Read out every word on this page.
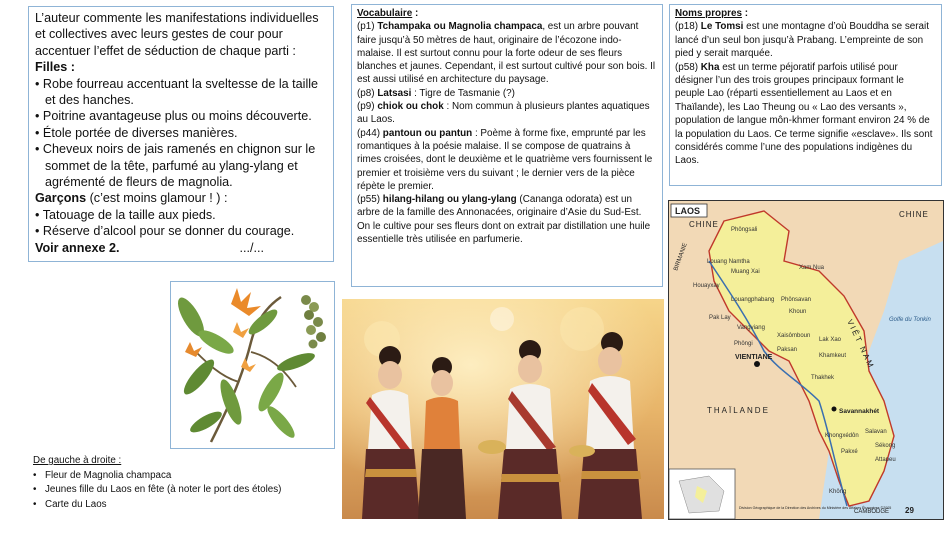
L’auteur commente les manifestations individuelles et collectives avec leurs gestes de cour pour accentuer l’effet de séduction de chaque parti :

Filles :

• Robe fourreau accentuant la sveltesse de la taille et des hanches.
• Poitrine avantageuse plus ou moins découverte.
• Étole portée de diverses manières.
• Cheveux noirs de jais ramenés en chignon sur le sommet de la tête, parfumé au ylang-ylang et agrémenté de fleurs de magnolia.

Garçons (c’est moins glamour ! ) :

• Tatouage de la taille aux pieds.
• Réserve d’alcool pour se donner du courage.

Voir annexe 2.	.../...

Vocabulaire :

(p1) Tchampaka ou Magnolia champaca, est un arbre pouvant faire jusqu’à 50 mètres de haut, originaire de l’écozone indo-malaise. Il est surtout connu pour la forte odeur de ses fleurs blanches et jaunes. Cependant, il est surtout cultivé pour son bois. Il est aussi utilisé en architecture du paysage.

(p8) Latsasi : Tigre de Tasmanie (?)

(p9) chiok ou chok : Nom commun à plusieurs plantes aquatiques au Laos.

(p44) pantoun ou pantun : Poème à forme fixe, emprunté par les romantiques à la poésie malaise. Il se compose de quatrains à rimes croisées, dont le deuxième et le quatrième vers fournissent le premier et troisième vers du suivant ; le dernier vers de la pièce répète le premier.

(p55) hilang-hilang ou ylang-ylang (Cananga odorata) est un arbre de la famille des Annonacées, originaire d’Asie du Sud-Est. On le cultive pour ses fleurs dont on extrait par distillation une huile essentielle très utilisée en parfumerie.

Noms propres :

(p18) Le Tomsi est une montagne d’où Bouddha se serait lancé d’un seul bon jusqu’à Prabang. L’empreinte de son pied y serait marquée.

(p58) Kha est un terme péjoratif parfois utilisé pour désigner l’un des trois groupes principaux formant le peuple Lao (réparti essentiellement au Laos et en Thaïlande), les Lao Theung ou « Lao des versants », population de langue môn-khmer formant environ 24 % de la population du Laos. Ce terme signifie «esclave». Ils sont considérés comme l’une des populations indigènes du Laos.

Phôngsali
Louang Namtha
Muang Xai
Houayxay
Xam Nua
Pak Lay
Louangphabang Phônsavan
Khoun
Vangviang
Phôngi
Xaisômboun
Paksan
Lak Xao
Khamkeut
Thakhek
Salavan
Khongxédôn
Pakxé
Sékong
Attapeu
Không
LAOS
CHINE
CHINE
BIRMANIE
VIÊT NAM
THAÏLANDE
CAMBODGE
Golfe du Tonkin
VIENTIANE
Savannakhét
29
Division Géographique de la Direction des Archives du Ministère des Affaires Étrangères ©2005

De gauche à droite :

• Fleur de Magnolia champaca
• Jeunes fille du Laos en fête (à noter le port des étoles)
• Carte du Laos
